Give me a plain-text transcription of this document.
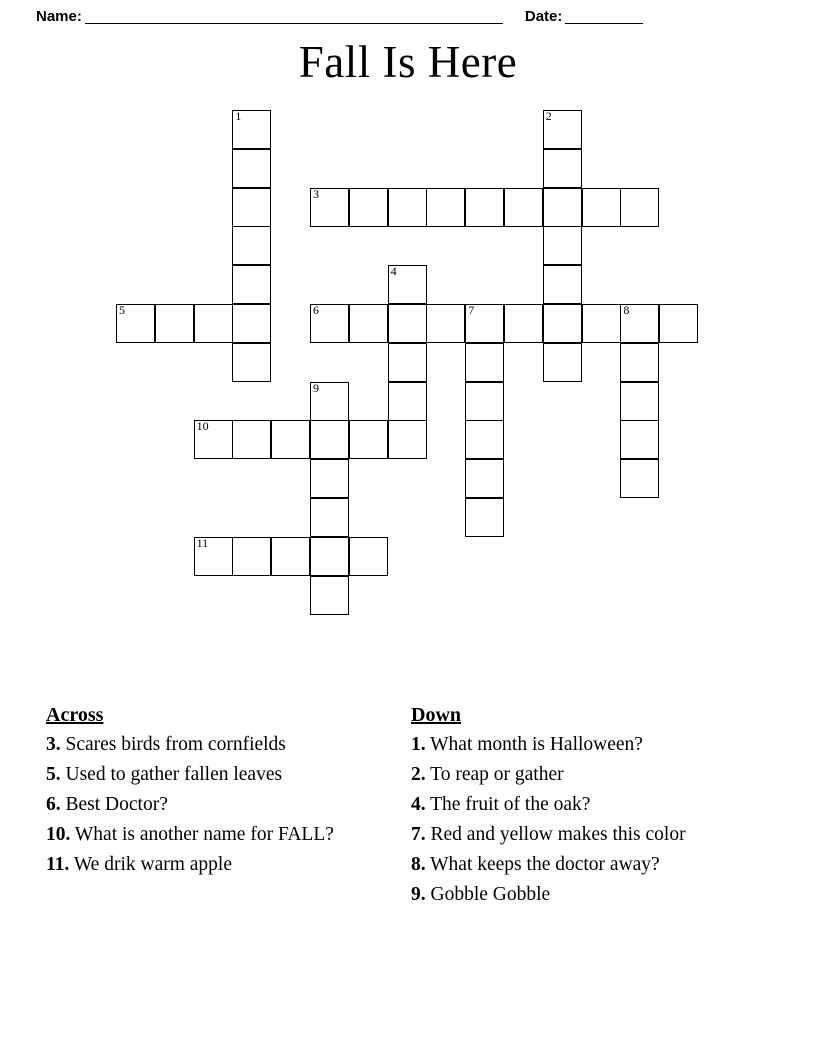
Name:	Date:
Fall Is Here
1	2
3
4
5	6	7	8
9
10
11
Across

3. Scares birds from cornfields

5. Used to gather fallen leaves

6. Best Doctor?

10. What is another name for FALL?

11. We drik warm apple

Down

1. What month is Halloween?

2. To reap or gather

4. The fruit of the oak?

7. Red and yellow makes this color

8. What keeps the doctor away?

9. Gobble Gobble
